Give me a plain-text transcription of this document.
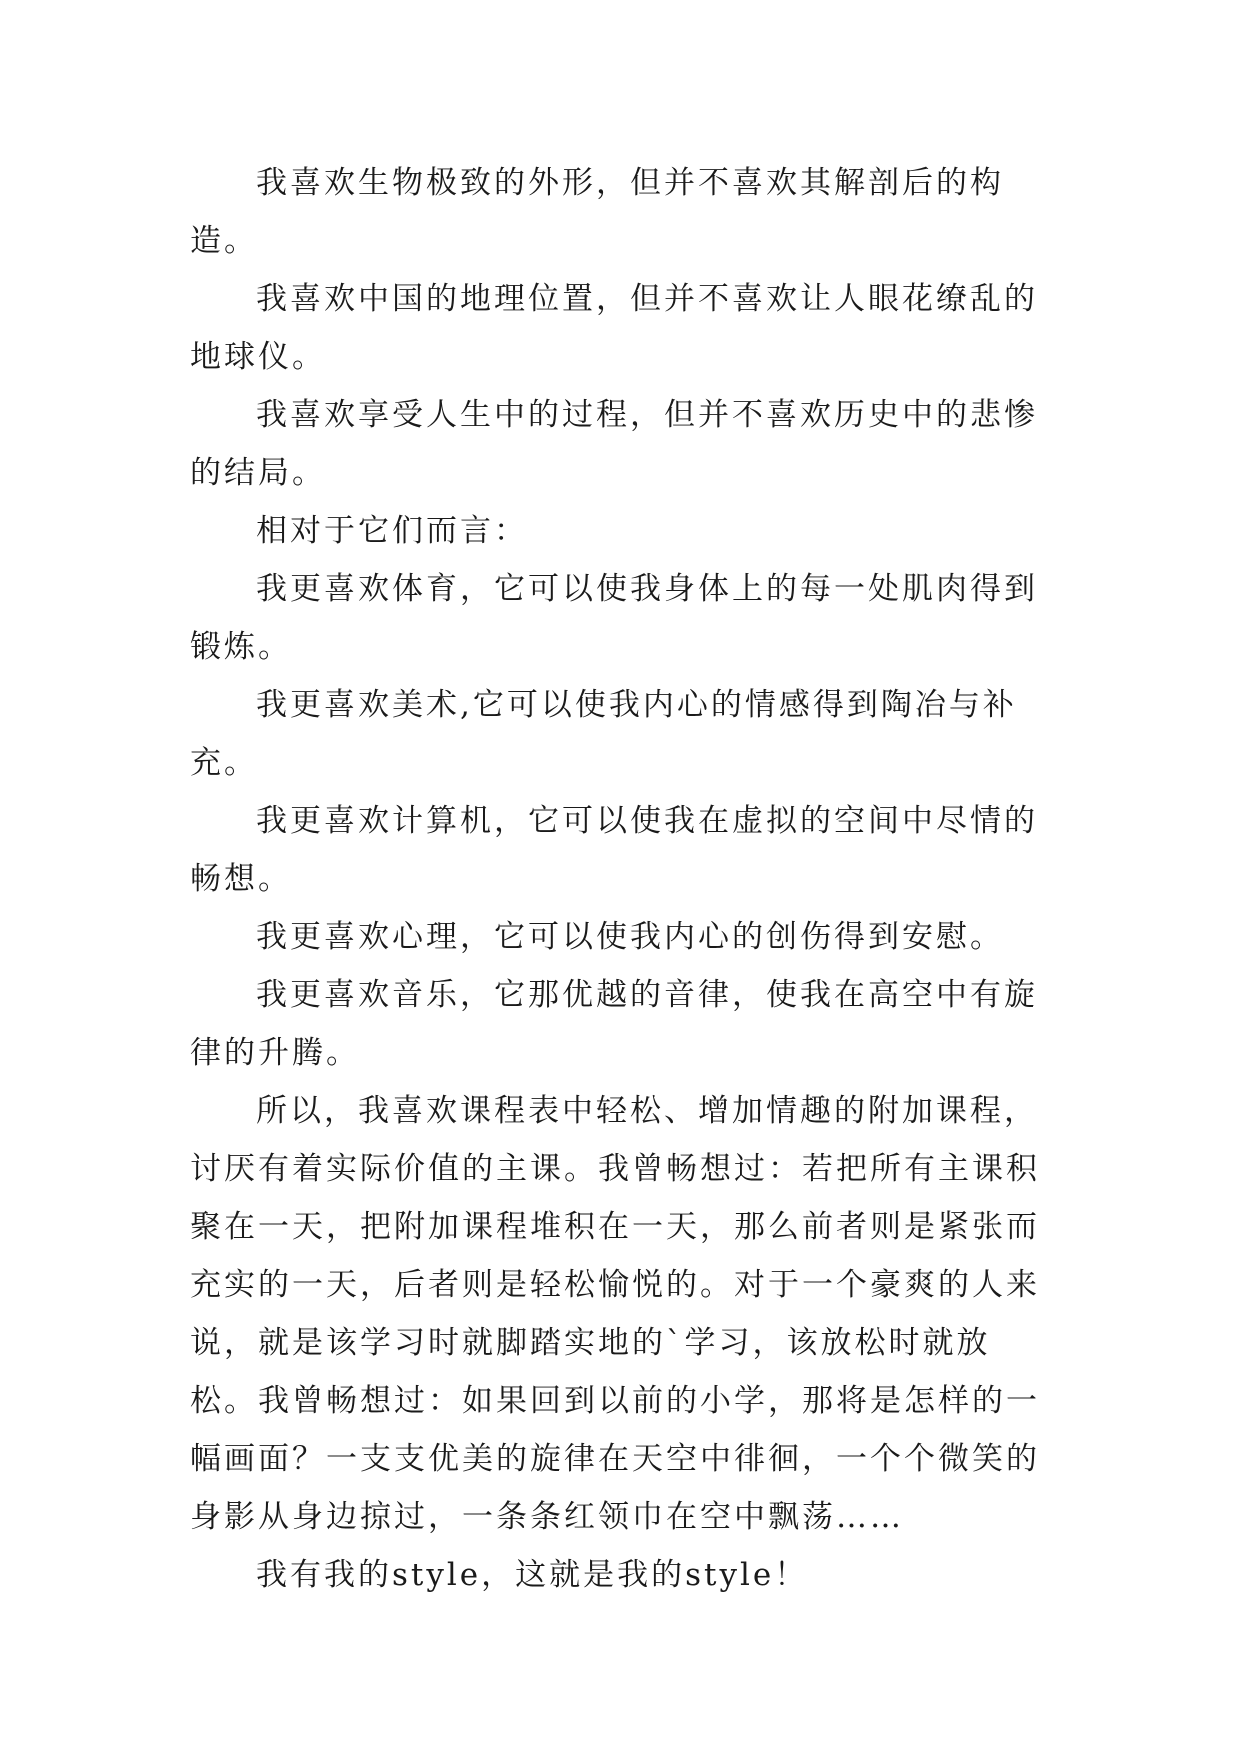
我喜欢生物极致的外形，但并不喜欢其解剖后的构造。

我喜欢中国的地理位置，但并不喜欢让人眼花缭乱的地球仪。

我喜欢享受人生中的过程，但并不喜欢历史中的悲惨的结局。

相对于它们而言：

我更喜欢体育，它可以使我身体上的每一处肌肉得到锻炼。

我更喜欢美术,它可以使我内心的情感得到陶冶与补充。

我更喜欢计算机，它可以使我在虚拟的空间中尽情的畅想。

我更喜欢心理，它可以使我内心的创伤得到安慰。

我更喜欢音乐，它那优越的音律，使我在高空中有旋律的升腾。

所以，我喜欢课程表中轻松、增加情趣的附加课程，讨厌有着实际价值的主课。我曾畅想过：若把所有主课积聚在一天，把附加课程堆积在一天，那么前者则是紧张而充实的一天，后者则是轻松愉悦的。对于一个豪爽的人来说，就是该学习时就脚踏实地的`学习，该放松时就放松。我曾畅想过：如果回到以前的小学，那将是怎样的一幅画面？一支支优美的旋律在天空中徘徊，一个个微笑的身影从身边掠过，一条条红领巾在空中飘荡……

我有我的style，这就是我的style！
